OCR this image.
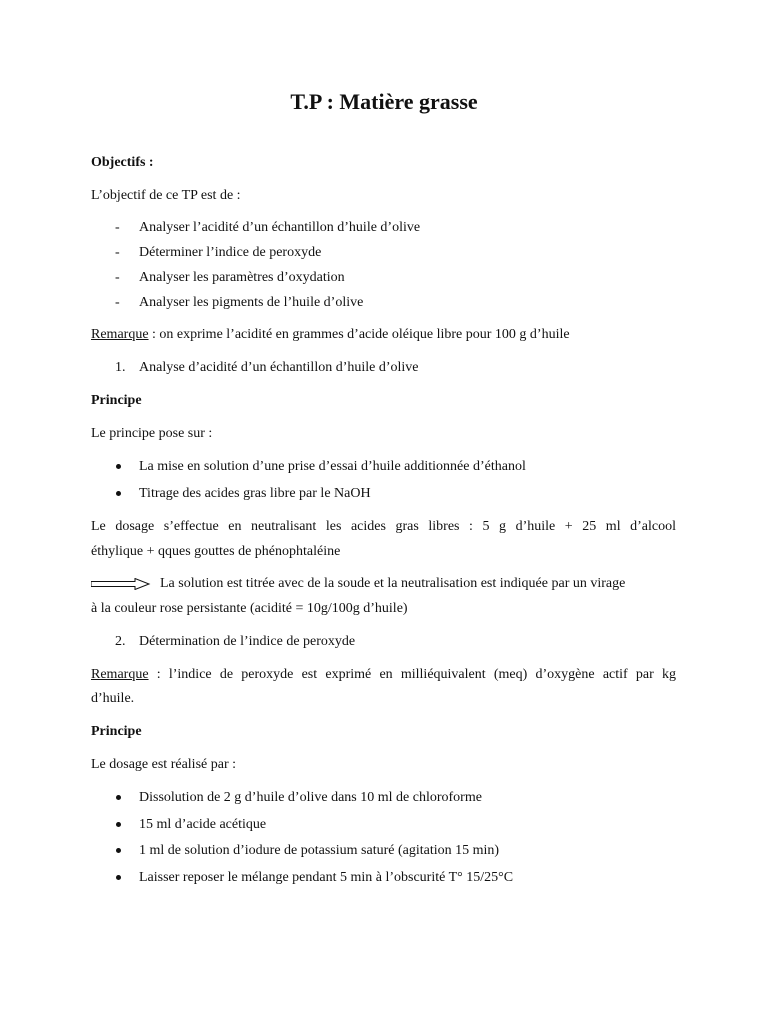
T.P : Matière grasse
Objectifs :
L’objectif de ce TP est de :
- Analyser l’acidité d’un échantillon d’huile d’olive
- Déterminer l’indice de peroxyde
- Analyser les paramètres d’oxydation
- Analyser les pigments de l’huile d’olive
Remarque : on exprime l’acidité en grammes d’acide oléique libre pour 100 g d’huile
1. Analyse d’acidité d’un échantillon d’huile d’olive
Principe
Le principe pose sur :
La mise en solution d’une prise d’essai d’huile additionnée d’éthanol
Titrage des acides gras libre par le NaOH
Le dosage s’effectue en neutralisant les acides gras libres : 5 g d’huile + 25 ml d’alcool
éthylique + qques gouttes de phénophtaléine
La solution est titrée avec de la soude et la neutralisation est indiquée par un virage
à la couleur rose persistante (acidité = 10g/100g d’huile)
2. Détermination de l’indice de peroxyde
Remarque : l’indice de peroxyde est exprimé en milliéquivalent (meq) d’oxygène actif par kg
d’huile.
Principe
Le dosage est réalisé par :
Dissolution de 2 g d’huile d’olive dans 10 ml de chloroforme
15 ml d’acide acétique
1 ml de solution d’iodure de potassium saturé (agitation 15 min)
Laisser reposer le mélange pendant 5 min à l’obscurité T° 15/25°C
